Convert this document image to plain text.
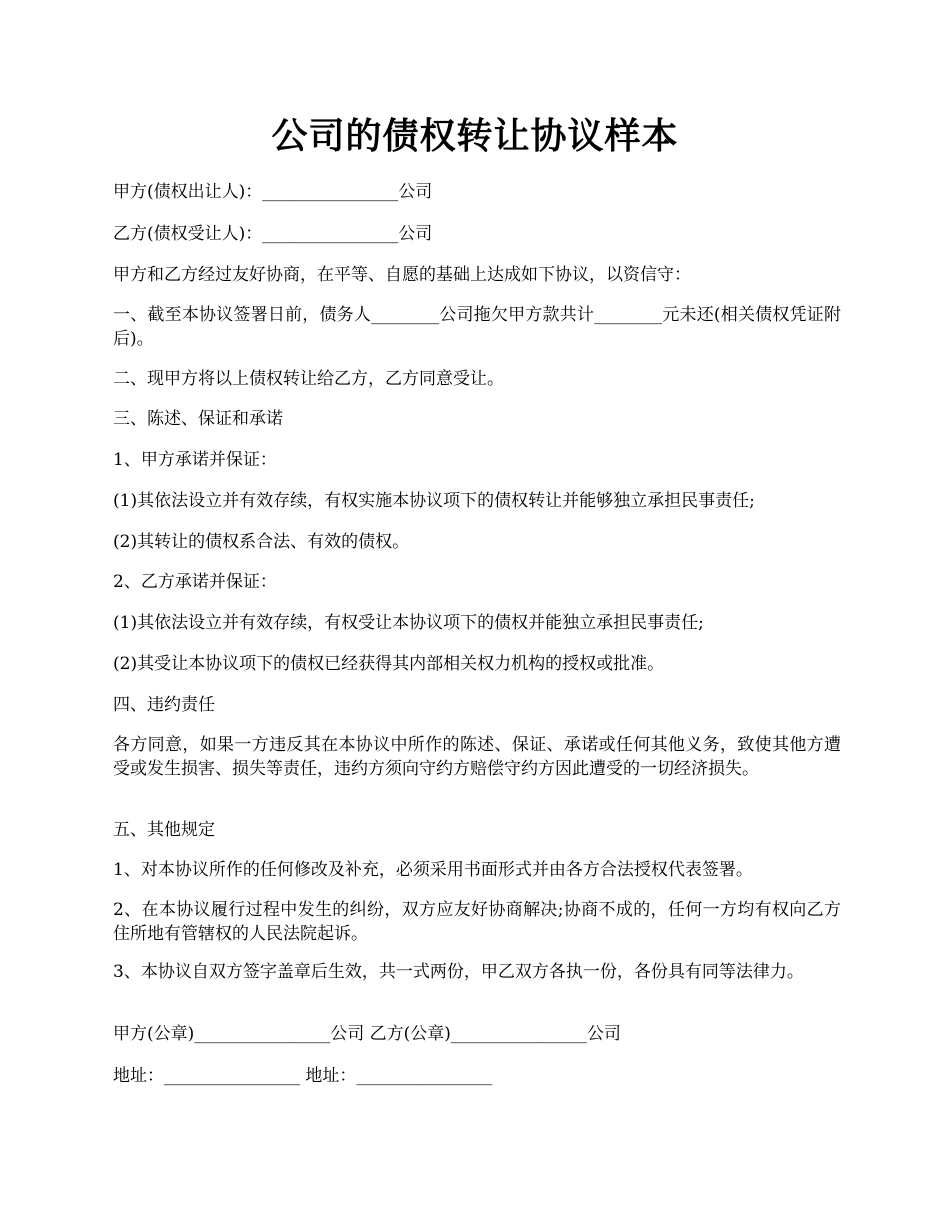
公司的债权转让协议样本
甲方(债权出让人)：________________公司
乙方(债权受让人)：________________公司
甲方和乙方经过友好协商，在平等、自愿的基础上达成如下协议，以资信守：
一、截至本协议签署日前，债务人________公司拖欠甲方款共计________元未还(相关债权凭证附后)。
二、现甲方将以上债权转让给乙方，乙方同意受让。
三、陈述、保证和承诺
1、甲方承诺并保证：
(1)其依法设立并有效存续，有权实施本协议项下的债权转让并能够独立承担民事责任;
(2)其转让的债权系合法、有效的债权。
2、乙方承诺并保证：
(1)其依法设立并有效存续，有权受让本协议项下的债权并能独立承担民事责任;
(2)其受让本协议项下的债权已经获得其内部相关权力机构的授权或批准。
四、违约责任
各方同意，如果一方违反其在本协议中所作的陈述、保证、承诺或任何其他义务，致使其他方遭受或发生损害、损失等责任，违约方须向守约方赔偿守约方因此遭受的一切经济损失。
五、其他规定
1、对本协议所作的任何修改及补充，必须采用书面形式并由各方合法授权代表签署。
2、在本协议履行过程中发生的纠纷，双方应友好协商解决;协商不成的，任何一方均有权向乙方住所地有管辖权的人民法院起诉。
3、本协议自双方签字盖章后生效，共一式两份，甲乙双方各执一份，各份具有同等法律力。
甲方(公章)________________公司 乙方(公章)________________公司
地址：________________ 地址：________________
